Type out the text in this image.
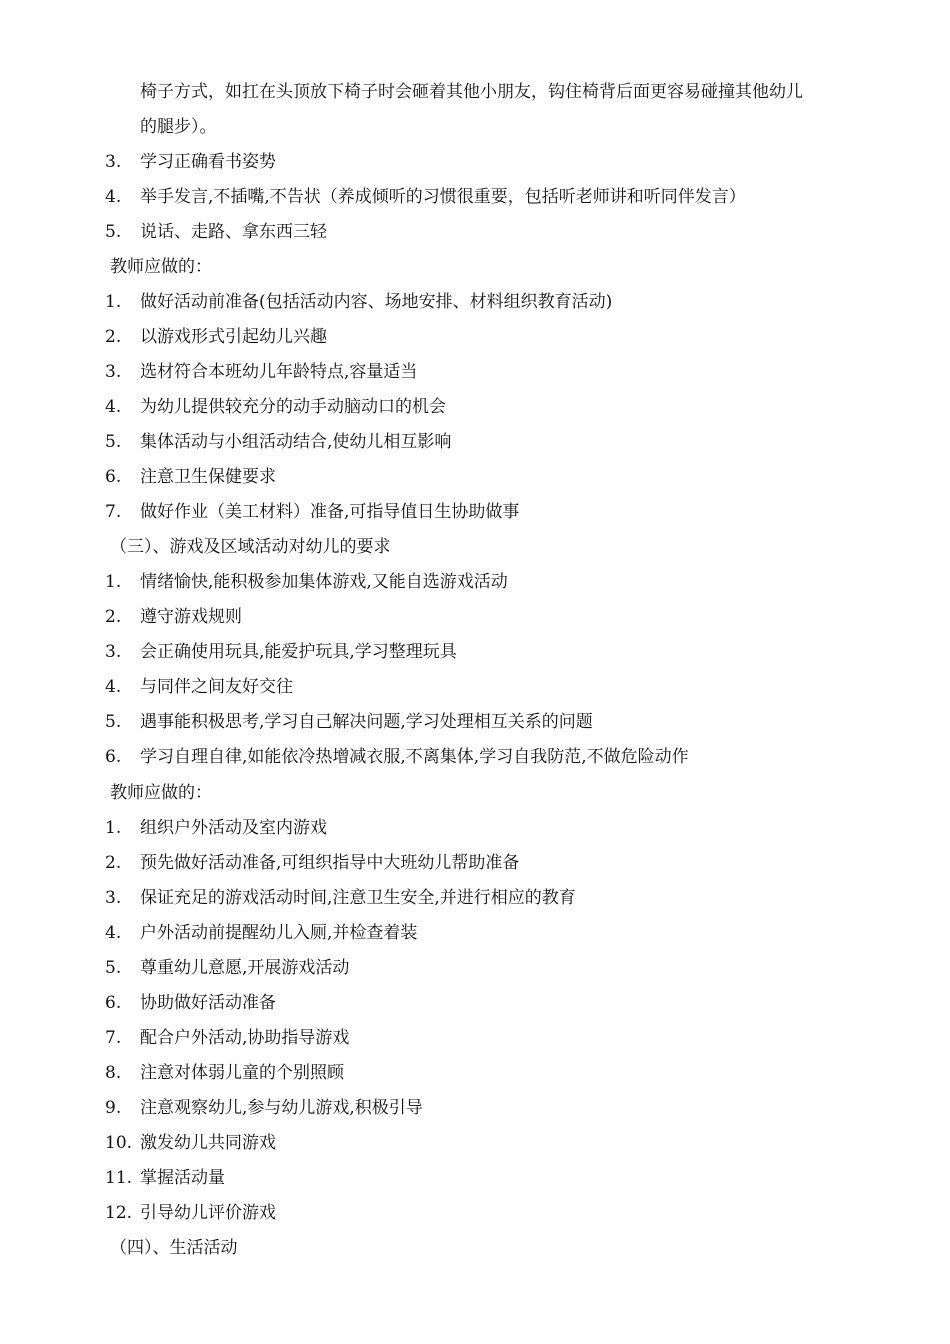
椅子方式，如扛在头顶放下椅子时会砸着其他小朋友，钩住椅背后面更容易碰撞其他幼儿
的腿步）。
3. 学习正确看书姿势
4. 举手发言,不插嘴,不告状（养成倾听的习惯很重要，包括听老师讲和听同伴发言）
5. 说话、走路、拿东西三轻
教师应做的：
1. 做好活动前准备(包括活动内容、场地安排、材料组织教育活动)
2. 以游戏形式引起幼儿兴趣
3. 选材符合本班幼儿年龄特点,容量适当
4. 为幼儿提供较充分的动手动脑动口的机会
5. 集体活动与小组活动结合,使幼儿相互影响
6. 注意卫生保健要求
7. 做好作业（美工材料）准备,可指导值日生协助做事
（三）、游戏及区域活动对幼儿的要求
1. 情绪愉快,能积极参加集体游戏,又能自选游戏活动
2. 遵守游戏规则
3. 会正确使用玩具,能爱护玩具,学习整理玩具
4. 与同伴之间友好交往
5. 遇事能积极思考,学习自己解决问题,学习处理相互关系的问题
6. 学习自理自律,如能依冷热增减衣服,不离集体,学习自我防范,不做危险动作
教师应做的：
1. 组织户外活动及室内游戏
2. 预先做好活动准备,可组织指导中大班幼儿帮助准备
3. 保证充足的游戏活动时间,注意卫生安全,并进行相应的教育
4. 户外活动前提醒幼儿入厕,并检查着装
5. 尊重幼儿意愿,开展游戏活动
6. 协助做好活动准备
7. 配合户外活动,协助指导游戏
8. 注意对体弱儿童的个别照顾
9. 注意观察幼儿,参与幼儿游戏,积极引导
10. 激发幼儿共同游戏
11. 掌握活动量
12. 引导幼儿评价游戏
（四）、生活活动
